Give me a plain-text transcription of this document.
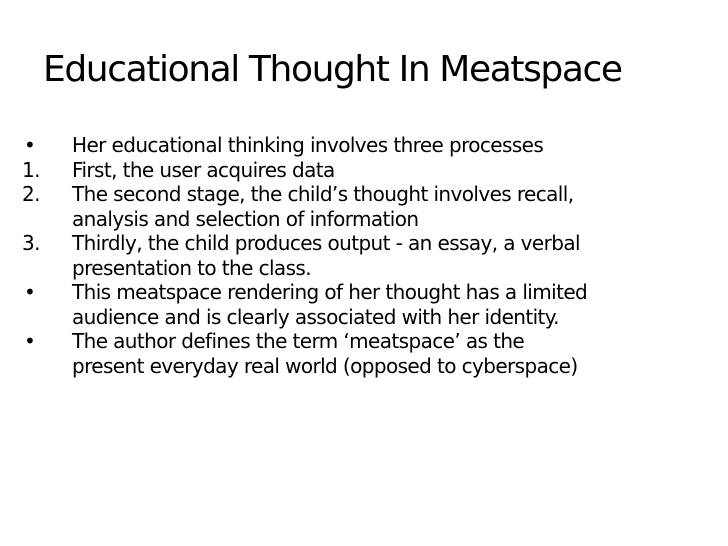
Educational Thought In Meatspace
• Her educational thinking involves three processes
1. First, the user acquires data
2. The second stage, the child’s thought involves recall,
analysis and selection of information
3. Thirdly, the child produces output - an essay, a verbal
presentation to the class.
• This meatspace rendering of her thought has a limited
audience and is clearly associated with her identity.
• The author defines the term ‘meatspace’ as the
present everyday real world (opposed to cyberspace)
